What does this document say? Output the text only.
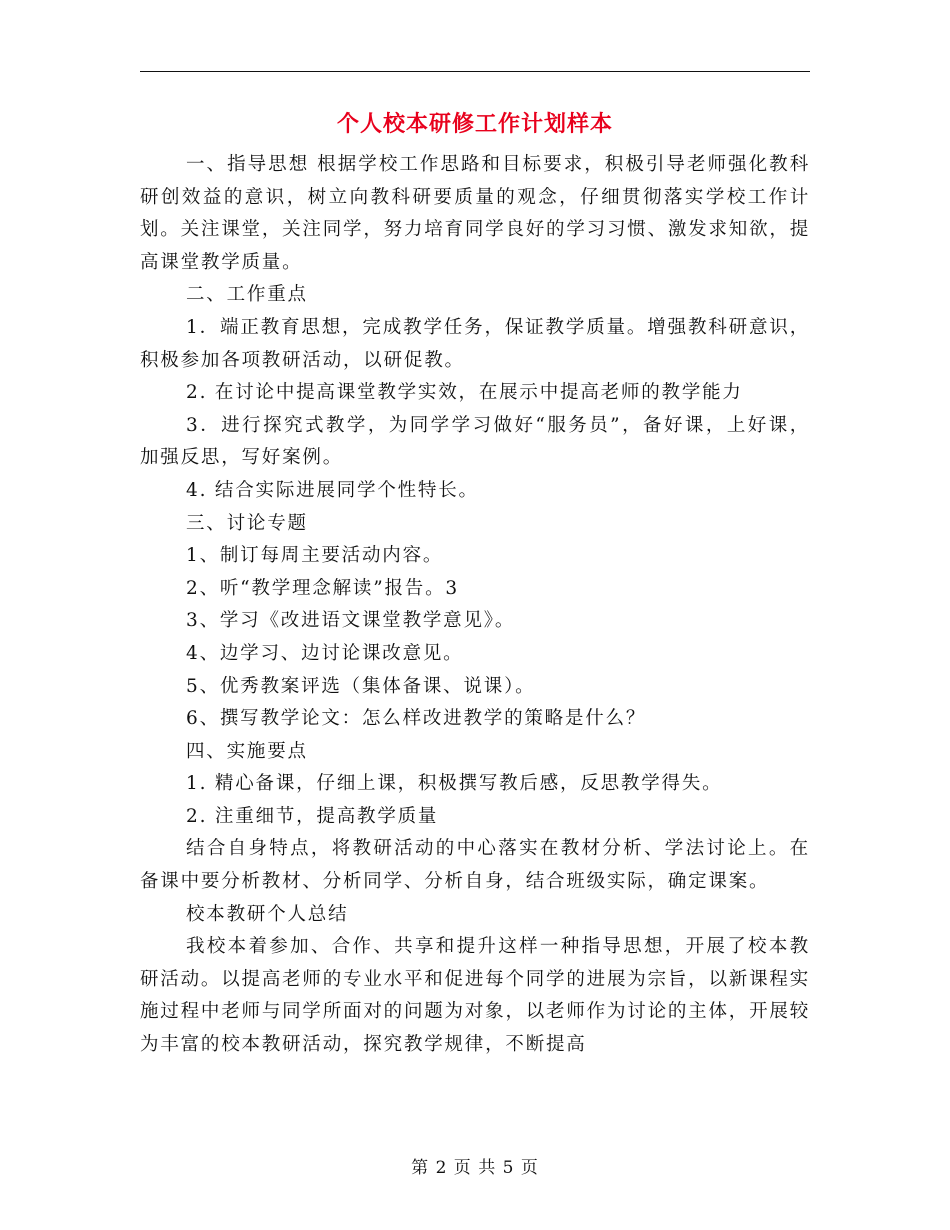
个人校本研修工作计划样本

一、指导思想 根据学校工作思路和目标要求，积极引导老师强化教科研创效益的意识，树立向教科研要质量的观念，仔细贯彻落实学校工作计划。关注课堂，关注同学，努力培育同学良好的学习习惯、激发求知欲，提高课堂教学质量。

二、工作重点

1．端正教育思想，完成教学任务，保证教学质量。增强教科研意识，积极参加各项教研活动，以研促教。

2. 在讨论中提高课堂教学实效，在展示中提高老师的教学能力

3．进行探究式教学，为同学学习做好“服务员”，备好课，上好课，加强反思，写好案例。

4. 结合实际进展同学个性特长。

三、讨论专题

1、制订每周主要活动内容。

2、听“教学理念解读”报告。3

3、学习《改进语文课堂教学意见》。

4、边学习、边讨论课改意见。

5、优秀教案评选（集体备课、说课）。

6、撰写教学论文：怎么样改进教学的策略是什么？

四、实施要点

1. 精心备课，仔细上课，积极撰写教后感，反思教学得失。

2. 注重细节，提高教学质量

结合自身特点，将教研活动的中心落实在教材分析、学法讨论上。在备课中要分析教材、分析同学、分析自身，结合班级实际，确定课案。

校本教研个人总结

我校本着参加、合作、共享和提升这样一种指导思想，开展了校本教研活动。以提高老师的专业水平和促进每个同学的进展为宗旨，以新课程实施过程中老师与同学所面对的问题为对象，以老师作为讨论的主体，开展较为丰富的校本教研活动，探究教学规律，不断提高

第 2 页 共 5 页
